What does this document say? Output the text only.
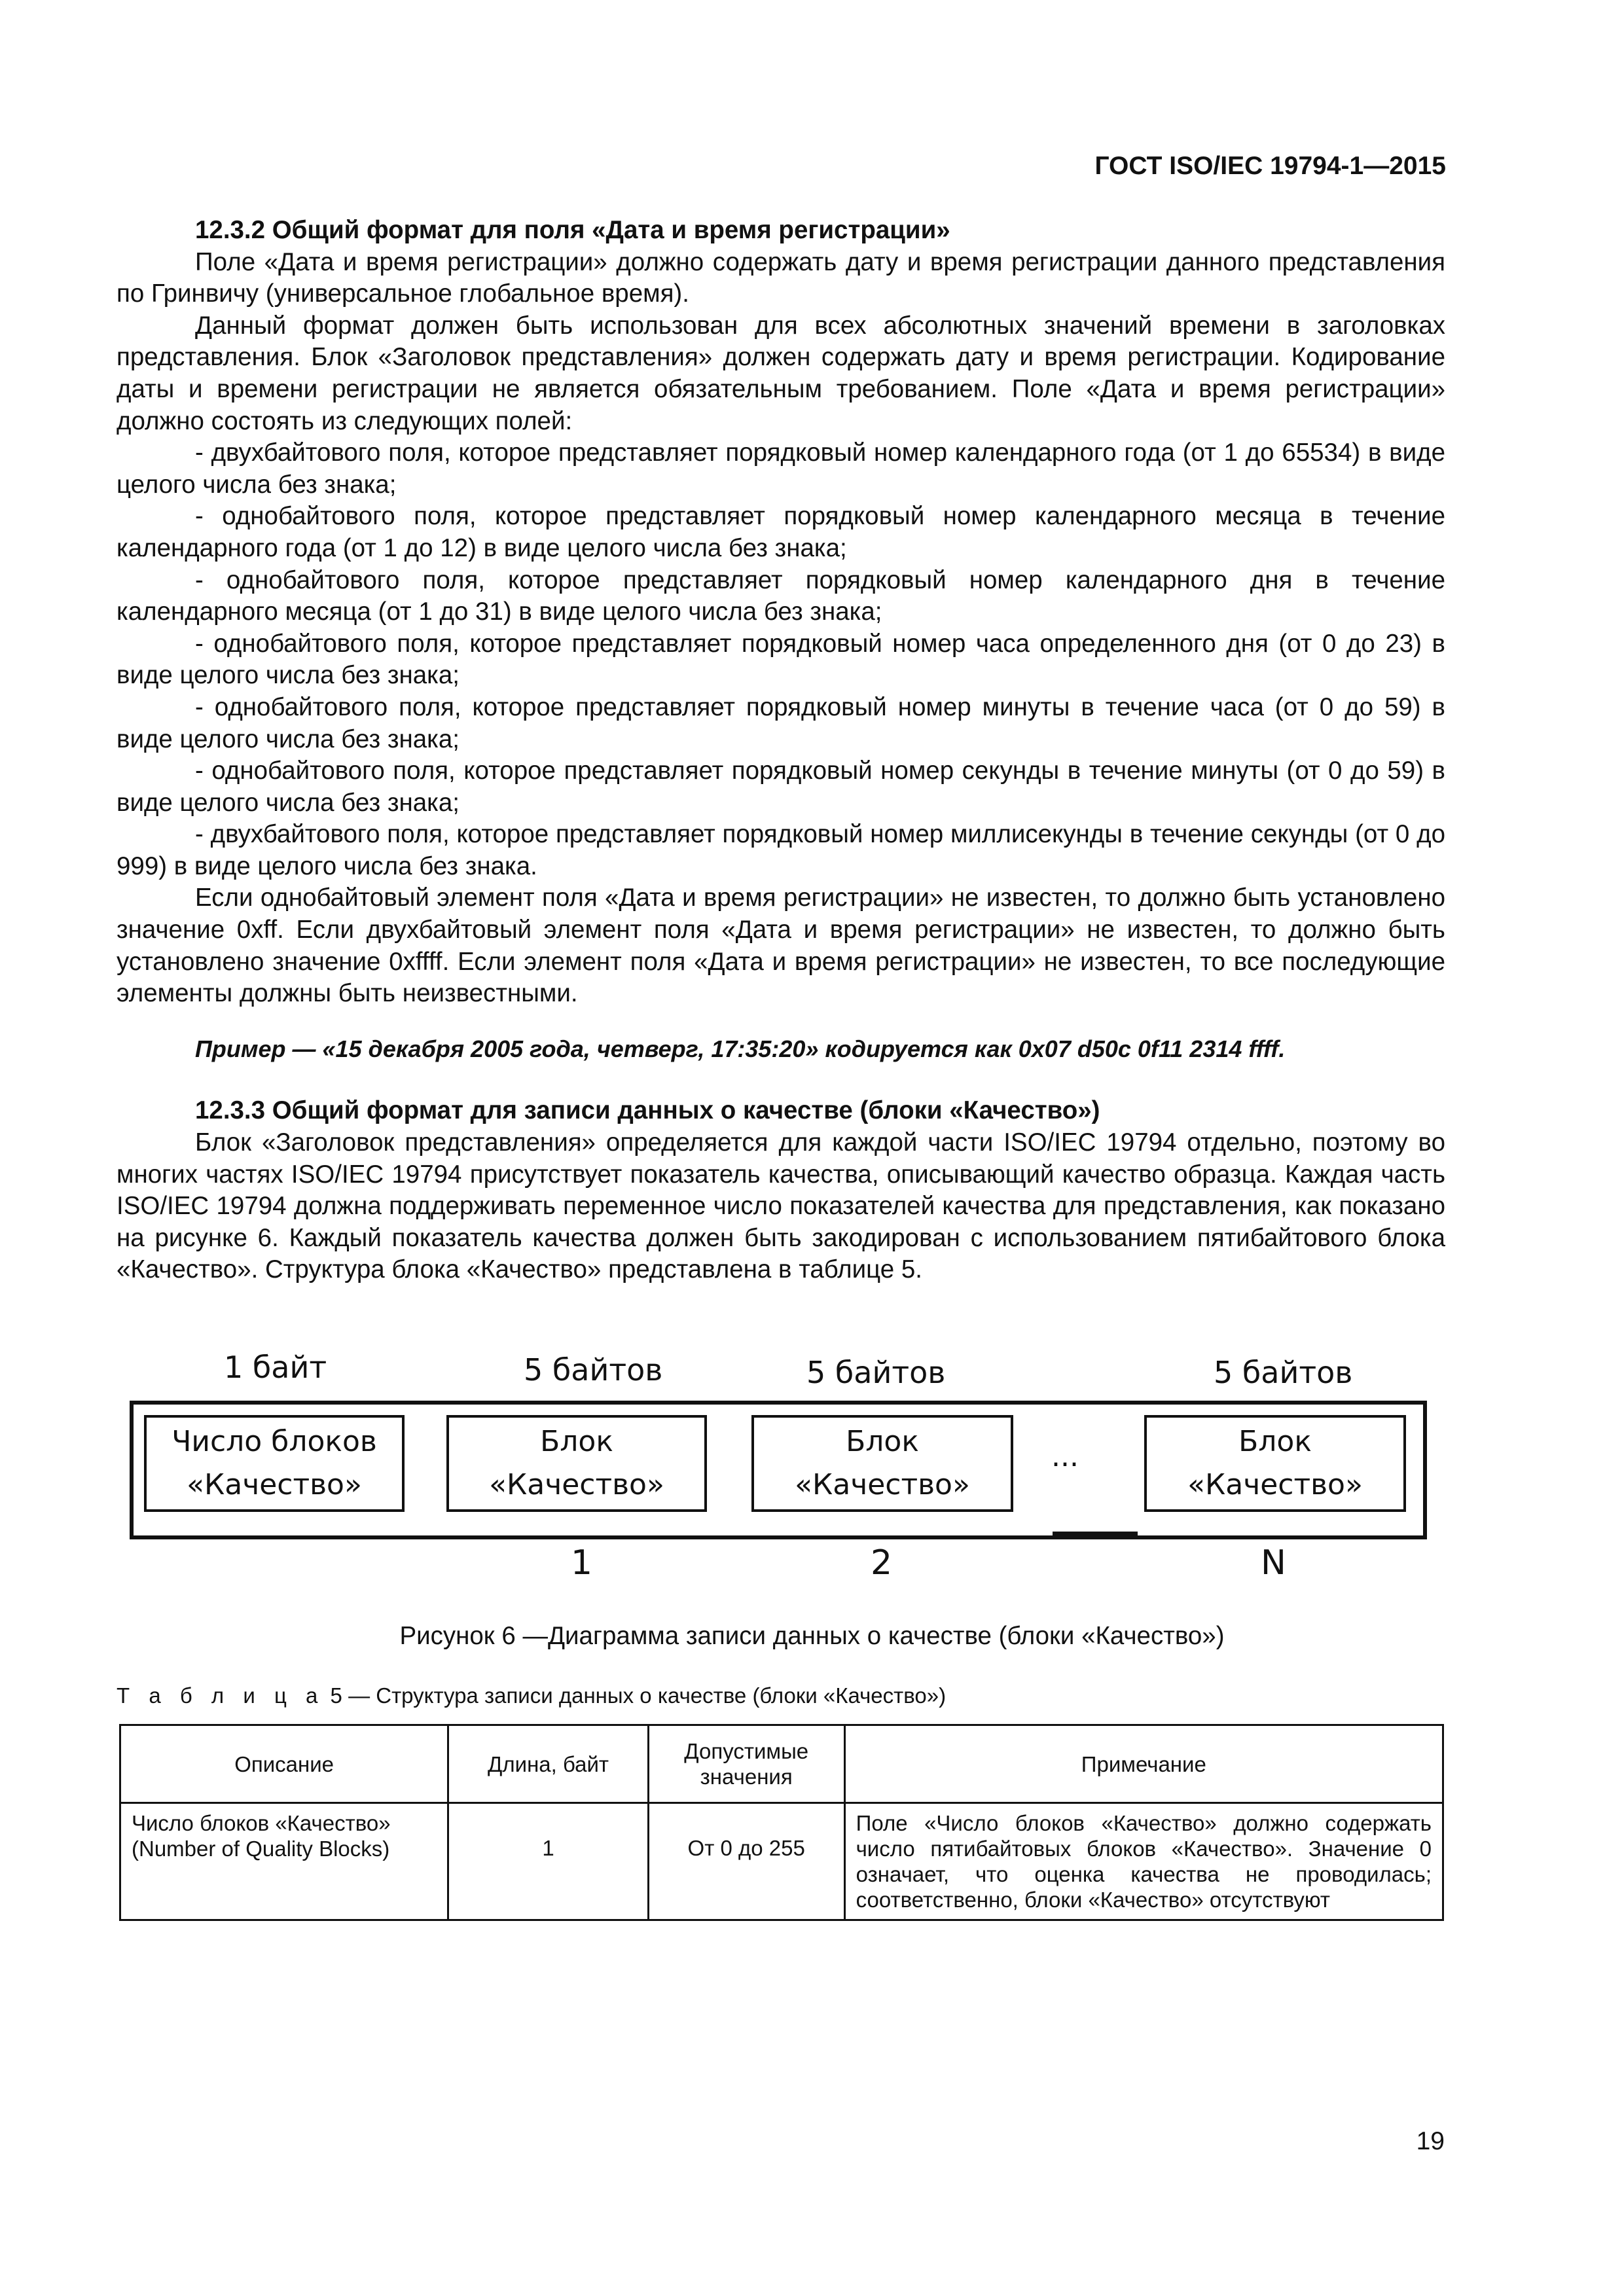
ГОСТ ISO/IEC 19794-1—2015

12.3.2 Общий формат для поля «Дата и время регистрации»

Поле «Дата и время регистрации» должно содержать дату и время регистрации данного представления по Гринвичу (универсальное глобальное время).

Данный формат должен быть использован для всех абсолютных значений времени в заголовках представления. Блок «Заголовок представления» должен содержать дату и время регистрации. Кодирование даты и времени регистрации не является обязательным требованием. Поле «Дата и время регистрации» должно состоять из следующих полей:

- двухбайтового поля, которое представляет порядковый номер календарного года (от 1 до 65534) в виде целого числа без знака;

- однобайтового поля, которое представляет порядковый номер календарного месяца в течение календарного года (от 1 до 12) в виде целого числа без знака;

- однобайтового поля, которое представляет порядковый номер календарного дня в течение календарного месяца (от 1 до 31) в виде целого числа без знака;

- однобайтового поля, которое представляет порядковый номер часа определенного дня (от 0 до 23) в виде целого числа без знака;

- однобайтового поля, которое представляет порядковый номер минуты в течение часа (от 0 до 59) в виде целого числа без знака;

- однобайтового поля, которое представляет порядковый номер секунды в течение минуты (от 0 до 59) в виде целого числа без знака;

- двухбайтового поля, которое представляет порядковый номер миллисекунды в течение секунды (от 0 до 999) в виде целого числа без знака.

Если однобайтовый элемент поля «Дата и время регистрации» не известен, то должно быть установлено значение 0xff. Если двухбайтовый элемент поля «Дата и время регистрации» не известен, то должно быть установлено значение 0xffff. Если элемент поля «Дата и время регистрации» не известен, то все последующие элементы должны быть неизвестными.

Пример — «15 декабря 2005 года, четверг, 17:35:20» кодируется как 0x07 d50c 0f11 2314 ffff.

12.3.3 Общий формат для записи данных о качестве (блоки «Качество»)

Блок «Заголовок представления» определяется для каждой части ISO/IEC 19794 отдельно, поэтому во многих частях ISO/IEC 19794 присутствует показатель качества, описывающий качество образца. Каждая часть ISO/IEC 19794 должна поддерживать переменное число показателей качества для представления, как показано на рисунке 6. Каждый показатель качества должен быть закодирован с использованием пятибайтового блока «Качество». Структура блока «Качество» представлена в таблице 5.

1 байт	5 байтов	5 байтов	5 байтов
Число блоков
«Качество»
Блок
«Качество»
Блок
«Качество»
...	Блок
«Качество»
1	2	N
Рисунок 6 —Диаграмма записи данных о качестве (блоки «Качество»)
Т а б л и ц а 5 — Структура записи данных о качестве (блоки «Качество»)
Описание	Длина, байт	Допустимые значения	Примечание
Число блоков «Качество» (Number of Quality Blocks)	1	От 0 до 255	Поле «Число блоков «Качество» должно содержать число пятибайтовых блоков «Качество». Значение 0 означает, что оценка качества не проводилась; соответственно, блоки «Качество» отсутствуют
19
